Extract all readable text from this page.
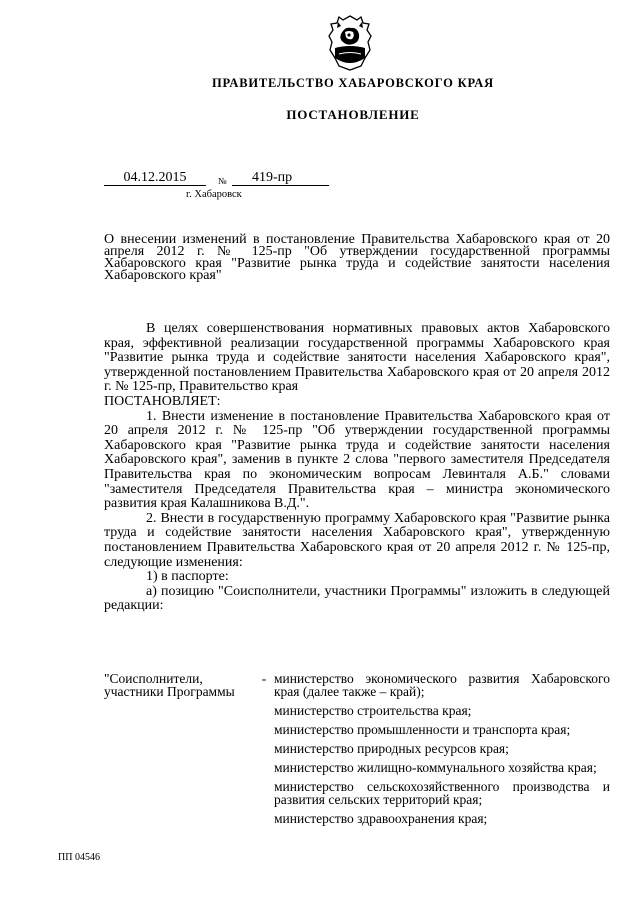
ПРАВИТЕЛЬСТВО ХАБАРОВСКОГО КРАЯ
ПОСТАНОВЛЕНИЕ
04.12.2015	№	419-пр
г. Хабаровск

О внесении изменений в постановление Правительства Хабаровского края от 20 апреля 2012 г. № 125-пр "Об утверждении государственной программы Хабаровского края "Развитие рынка труда и содействие занятости населения Хабаровского края"

В целях совершенствования нормативных правовых актов Хабаровского края, эффективной реализации государственной программы Хабаровского края "Развитие рынка труда и содействие занятости населения Хабаровского края", утвержденной постановлением Правительства Хабаровского края от 20 апреля 2012 г. № 125-пр, Правительство края

ПОСТАНОВЛЯЕТ:

1. Внести изменение в постановление Правительства Хабаровского края от 20 апреля 2012 г. № 125-пр "Об утверждении государственной программы Хабаровского края "Развитие рынка труда и содействие занятости населения Хабаровского края", заменив в пункте 2 слова "первого заместителя Председателя Правительства края по экономическим вопросам Левинталя А.Б." словами "заместителя Председателя Правительства края – министра экономического развития края Калашникова В.Д.".

2. Внести в государственную программу Хабаровского края "Развитие рынка труда и содействие занятости населения Хабаровского края", утвержденную постановлением Правительства Хабаровского края от 20 апреля 2012 г. № 125-пр, следующие изменения:

1) в паспорте:

а) позицию "Соисполнители, участники Программы" изложить в следующей редакции:

"Соисполнители, участники Программы
- министерство экономического развития Хабаровского края (далее также – край);

министерство строительства края;

министерство промышленности и транспорта края;

министерство природных ресурсов края;

министерство жилищно-коммунального хозяйства края;

министерство сельскохозяйственного производства и развития сельских территорий края;

министерство здравоохранения края;

ПП 04546
